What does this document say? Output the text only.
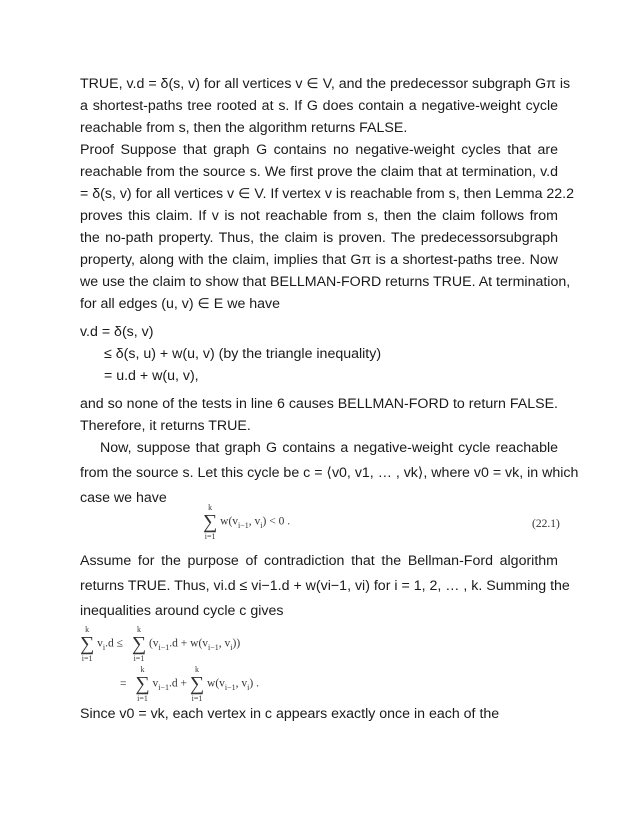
TRUE, v.d = δ(s, v) for all vertices v ∈ V, and the predecessor subgraph Gπ is
a shortest-paths tree rooted at s. If G does contain a negative-weight cycle
reachable from s, then the algorithm returns FALSE.
Proof Suppose that graph G contains no negative-weight cycles that are
reachable from the source s. We first prove the claim that at termination, v.d
= δ(s, v) for all vertices v ∈ V. If vertex v is reachable from s, then Lemma 22.2
proves this claim. If v is not reachable from s, then the claim follows from
the no-path property. Thus, the claim is proven. The predecessorsubgraph
property, along with the claim, implies that Gπ is a shortest-paths tree. Now
we use the claim to show that BELLMAN-FORD returns TRUE. At termination,
for all edges (u, v) ∈ E we have
v.d = δ(s, v)
≤ δ(s, u) + w(u, v) (by the triangle inequality)
= u.d + w(u, v),
and so none of the tests in line 6 causes BELLMAN-FORD to return FALSE.
Therefore, it returns TRUE.
Now, suppose that graph G contains a negative-weight cycle reachable
from the source s. Let this cycle be c = ⟨v0, v1, … , vk⟩, where v0 = vk, in which
case we have
k
∑
i=1
$w(v_{i-1}$, $v_i) < 0$ .	(22.1)
Assume for the purpose of contradiction that the Bellman-Ford algorithm
returns TRUE. Thus, vi.d ≤ vi−1.d + w(vi−1, vi) for i = 1, 2, … , k. Summing the
inequalities around cycle c gives
k
∑
i=1
$v_i.d$ ≤
k
∑
i=1
($v_{i-1}.d + w(v_{i-1}$, $v_i$))
=
k
∑
i=1
$v_{i-1}.d$ +
k
∑
i=1
$w(v_{i-1}$, $v_i$) .
Since v0 = vk, each vertex in c appears exactly once in each of the
